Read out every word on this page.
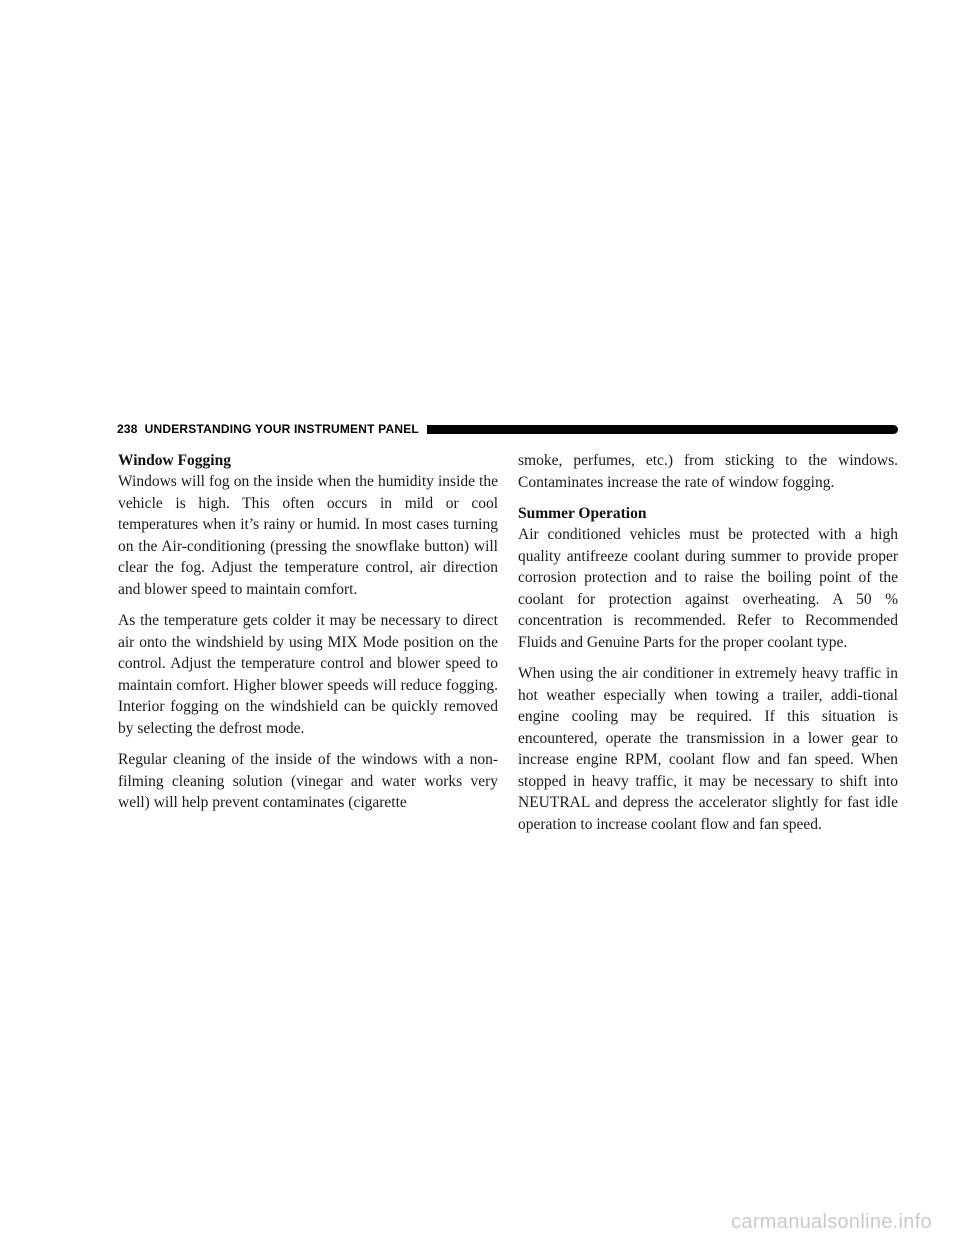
238 UNDERSTANDING YOUR INSTRUMENT PANEL
Window Fogging

Windows will fog on the inside when the humidity inside the vehicle is high. This often occurs in mild or cool temperatures when it’s rainy or humid. In most cases turning on the Air-conditioning (pressing the snowflake button) will clear the fog. Adjust the temperature control, air direction and blower speed to maintain comfort.

As the temperature gets colder it may be necessary to direct air onto the windshield by using MIX Mode position on the control. Adjust the temperature control and blower speed to maintain comfort. Higher blower speeds will reduce fogging. Interior fogging on the windshield can be quickly removed by selecting the defrost mode.

Regular cleaning of the inside of the windows with a non-filming cleaning solution (vinegar and water works very well) will help prevent contaminates (cigarette

smoke, perfumes, etc.) from sticking to the windows. Contaminates increase the rate of window fogging.

Summer Operation

Air conditioned vehicles must be protected with a high quality antifreeze coolant during summer to provide proper corrosion protection and to raise the boiling point of the coolant for protection against overheating. A 50 % concentration is recommended. Refer to Recommended Fluids and Genuine Parts for the proper coolant type.

When using the air conditioner in extremely heavy traffic in hot weather especially when towing a trailer, addi-tional engine cooling may be required. If this situation is encountered, operate the transmission in a lower gear to increase engine RPM, coolant flow and fan speed. When stopped in heavy traffic, it may be necessary to shift into NEUTRAL and depress the accelerator slightly for fast idle operation to increase coolant flow and fan speed.

carmanualsonline.info
